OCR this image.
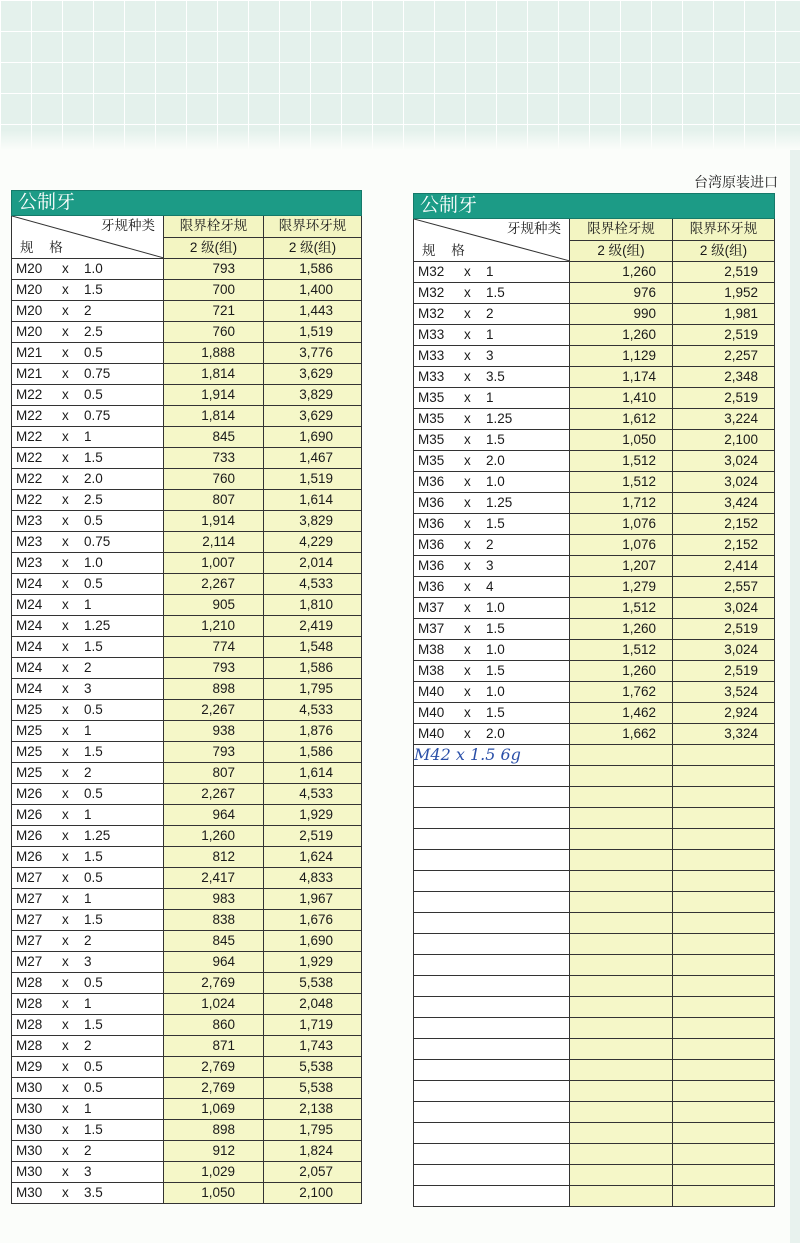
台湾原装进口
公制牙		

牙规种类
规 格	限界栓牙规	限界环牙规
	2 级(组)	2 级(组)
M20 x 1.0	793	1,586
M20 x 1.5	700	1,400
M20 x 2	721	1,443
M20 x 2.5	760	1,519
M21 x 0.5	1,888	3,776
M21 x 0.75	1,814	3,629
M22 x 0.5	1,914	3,829
M22 x 0.75	1,814	3,629
M22 x 1	845	1,690
M22 x 1.5	733	1,467
M22 x 2.0	760	1,519
M22 x 2.5	807	1,614
M23 x 0.5	1,914	3,829
M23 x 0.75	2,114	4,229
M23 x 1.0	1,007	2,014
M24 x 0.5	2,267	4,533
M24 x 1	905	1,810
M24 x 1.25	1,210	2,419
M24 x 1.5	774	1,548
M24 x 2	793	1,586
M24 x 3	898	1,795
M25 x 0.5	2,267	4,533
M25 x 1	938	1,876
M25 x 1.5	793	1,586
M25 x 2	807	1,614
M26 x 0.5	2,267	4,533
M26 x 1	964	1,929
M26 x 1.25	1,260	2,519
M26 x 1.5	812	1,624
M27 x 0.5	2,417	4,833
M27 x 1	983	1,967
M27 x 1.5	838	1,676
M27 x 2	845	1,690
M27 x 3	964	1,929
M28 x 0.5	2,769	5,538
M28 x 1	1,024	2,048
M28 x 1.5	860	1,719
M28 x 2	871	1,743
M29 x 0.5	2,769	5,538
M30 x 0.5	2,769	5,538
M30 x 1	1,069	2,138
M30 x 1.5	898	1,795
M30 x 2	912	1,824
M30 x 3	1,029	2,057
M30 x 3.5	1,050	2,100
公制牙		

牙规种类
规 格	限界栓牙规	限界环牙规
	2 级(组)	2 级(组)
M32 x 1	1,260	2,519
M32 x 1.5	976	1,952
M32 x 2	990	1,981
M33 x 1	1,260	2,519
M33 x 3	1,129	2,257
M33 x 3.5	1,174	2,348
M35 x 1	1,410	2,519
M35 x 1.25	1,612	3,224
M35 x 1.5	1,050	2,100
M35 x 2.0	1,512	3,024
M36 x 1.0	1,512	3,024
M36 x 1.25	1,712	3,424
M36 x 1.5	1,076	2,152
M36 x 2	1,076	2,152
M36 x 3	1,207	2,414
M36 x 4	1,279	2,557
M37 x 1.0	1,512	3,024
M37 x 1.5	1,260	2,519
M38 x 1.0	1,512	3,024
M38 x 1.5	1,260	2,519
M40 x 1.0	1,762	3,524
M40 x 1.5	1,462	2,924
M40 x 2.0	1,662	3,324
M42 x 1.5 6g		
